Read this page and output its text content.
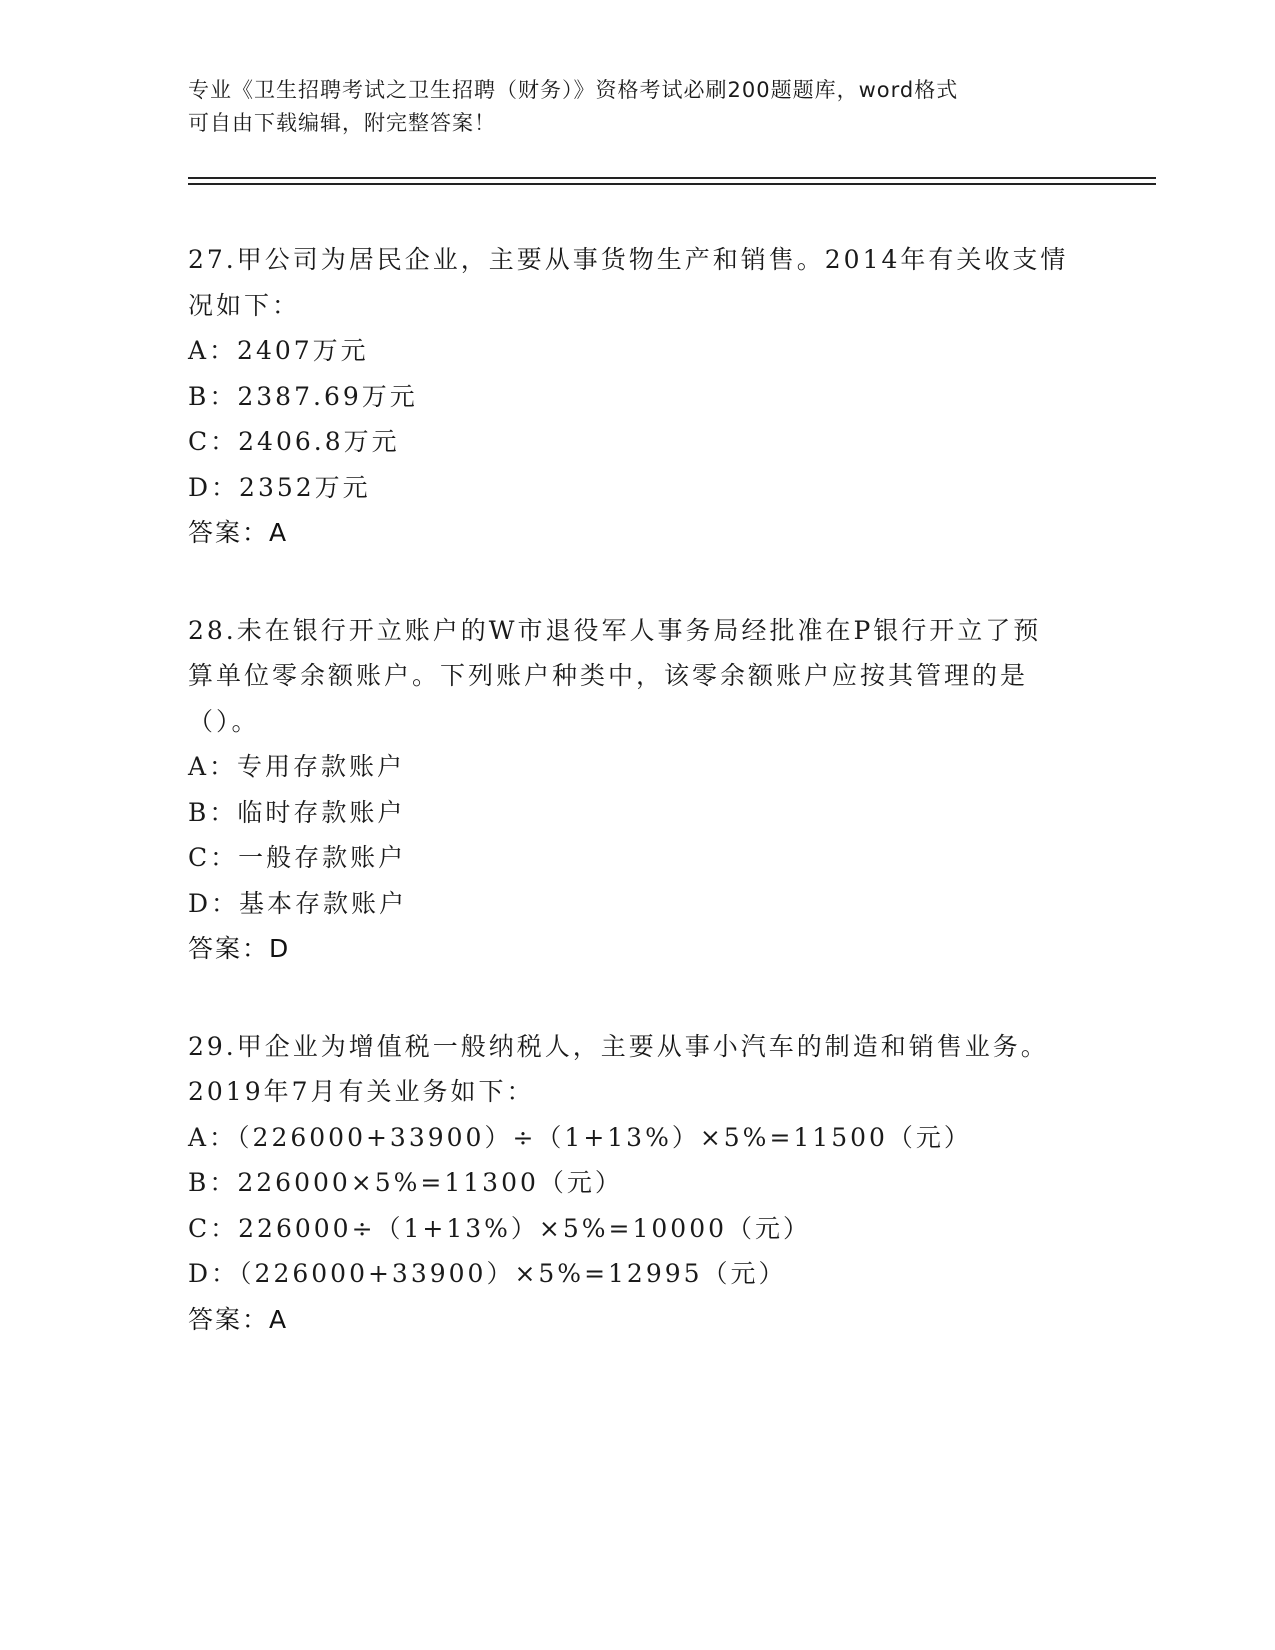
专业《卫生招聘考试之卫生招聘（财务）》资格考试必刷200题题库，word格式
可自由下载编辑，附完整答案！
27.甲公司为居民企业，主要从事货物生产和销售。2014年有关收支情
况如下：
A：2407万元
B：2387.69万元
C：2406.8万元
D：2352万元
答案：A
28.未在银行开立账户的W市退役军人事务局经批准在P银行开立了预
算单位零余额账户。下列账户种类中，该零余额账户应按其管理的是
（）。
A：专用存款账户
B：临时存款账户
C：一般存款账户
D：基本存款账户
答案：D
29.甲企业为增值税一般纳税人，主要从事小汽车的制造和销售业务。
2019年7月有关业务如下：
A：（226000+33900）÷（1+13%）×5%=11500（元）
B：226000×5%=11300（元）
C：226000÷（1+13%）×5%=10000（元）
D：（226000+33900）×5%=12995（元）
答案：A
